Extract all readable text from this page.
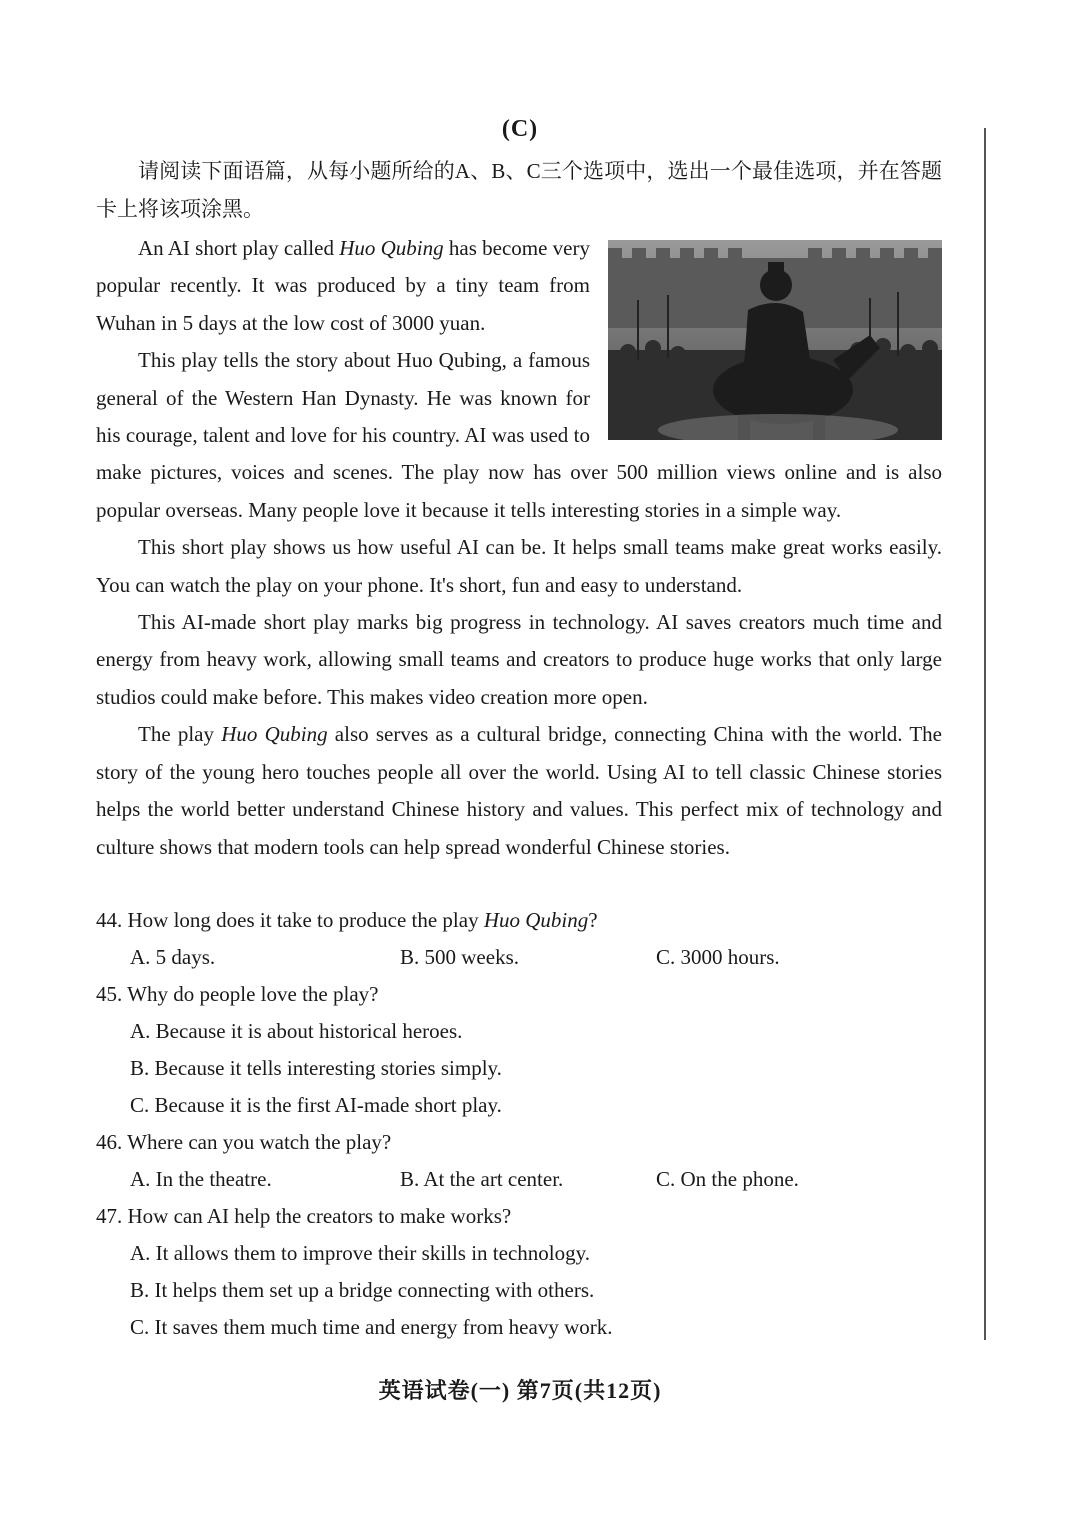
(C)
请阅读下面语篇，从每小题所给的A、B、C三个选项中，选出一个最佳选项，并在答题卡上将该项涂黑。

An AI short play called Huo Qubing has become very popular recently. It was produced by a tiny team from Wuhan in 5 days at the low cost of 3000 yuan.

This play tells the story about Huo Qubing, a famous general of the Western Han Dynasty. He was known for his courage, talent and love for his country. AI was used to make pictures, voices and scenes. The play now has over 500 million views online and is also popular overseas. Many people love it because it tells interesting stories in a simple way.

This short play shows us how useful AI can be. It helps small teams make great works easily. You can watch the play on your phone. It's short, fun and easy to understand.

This AI-made short play marks big progress in technology. AI saves creators much time and energy from heavy work, allowing small teams and creators to produce huge works that only large studios could make before. This makes video creation more open.

The play Huo Qubing also serves as a cultural bridge, connecting China with the world. The story of the young hero touches people all over the world. Using AI to tell classic Chinese stories helps the world better understand Chinese history and values. This perfect mix of technology and culture shows that modern tools can help spread wonderful Chinese stories.

44. How long does it take to produce the play Huo Qubing?

A. 5 days.	B. 500 weeks.	C. 3000 hours.

45. Why do people love the play?

A. Because it is about historical heroes.

B. Because it tells interesting stories simply.

C. Because it is the first AI-made short play.

46. Where can you watch the play?

A. In the theatre.	B. At the art center.	C. On the phone.

47. How can AI help the creators to make works?

A. It allows them to improve their skills in technology.

B. It helps them set up a bridge connecting with others.

C. It saves them much time and energy from heavy work.

英语试卷(一) 第7页(共12页)
